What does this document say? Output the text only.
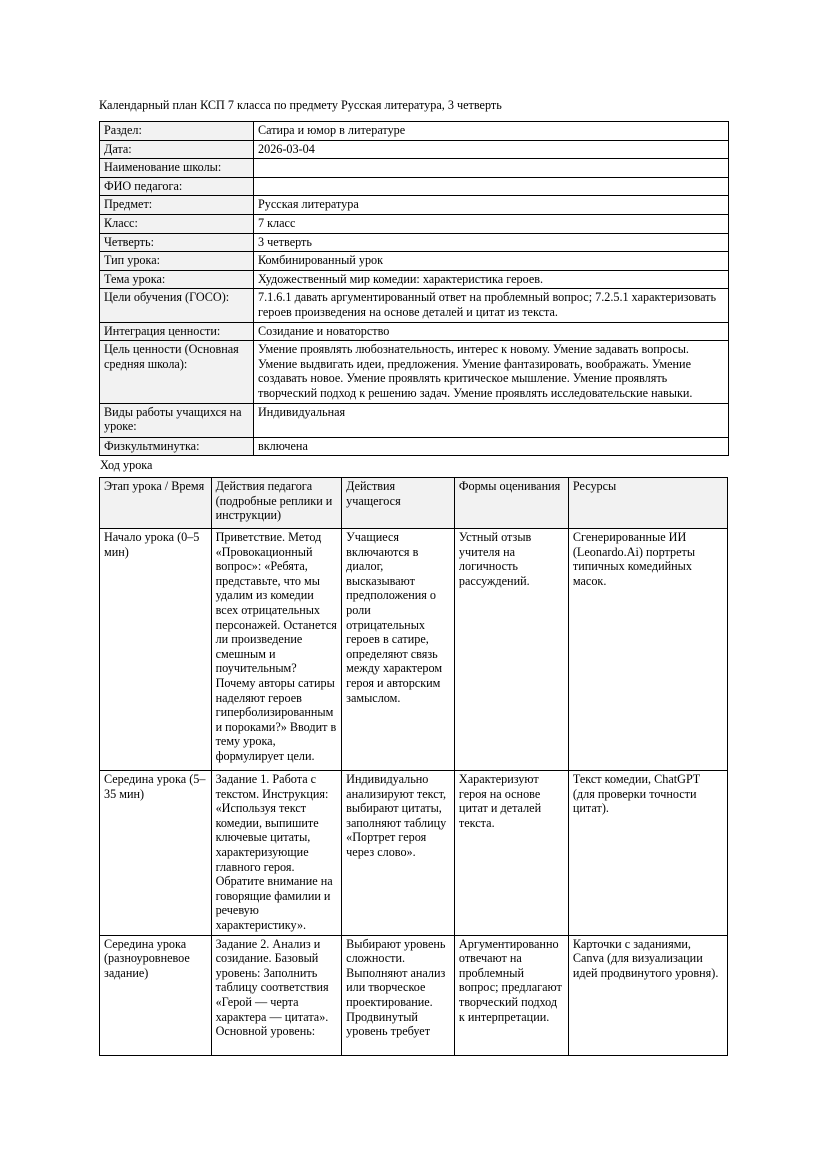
Календарный план КСП 7 класса по предмету Русская литература, 3 четверть
Раздел:	Сатира и юмор в литературе
Дата:	2026-03-04
Наименование школы:	
ФИО педагога:	
Предмет:	Русская литература
Класс:	7 класс
Четверть:	3 четверть
Тип урока:	Комбинированный урок
Тема урока:	Художественный мир комедии: характеристика героев.
Цели обучения (ГОСО):	7.1.6.1 давать аргументированный ответ на проблемный вопрос; 7.2.5.1 характеризовать героев произведения на основе деталей и цитат из текста.
Интеграция ценности:	Созидание и новаторство
Цель ценности (Основная средняя школа):	Умение проявлять любознательность, интерес к новому. Умение задавать вопросы. Умение выдвигать идеи, предложения. Умение фантазировать, воображать. Умение создавать новое. Умение проявлять критическое мышление. Умение проявлять творческий подход к решению задач. Умение проявлять исследовательские навыки.
Виды работы учащихся на уроке:	Индивидуальная
Физкультминутка:	включена
Ход урока
Этап урока / Время	Действия педагога (подробные реплики и инструкции)	Действия учащегося	Формы оценивания	Ресурсы
Начало урока (0–5 мин)	Приветствие. Метод «Провокационный вопрос»: «Ребята, представьте, что мы удалим из комедии всех отрицательных персонажей. Останется ли произведение смешным и поучительным? Почему авторы сатиры наделяют героев гиперболизированными пороками?» Вводит в тему урока, формулирует цели.	Учащиеся включаются в диалог, высказывают предположения о роли отрицательных героев в сатире, определяют связь между характером героя и авторским замыслом.	Устный отзыв учителя на логичность рассуждений.	Сгенерированные ИИ (Leonardo.Ai) портреты типичных комедийных масок.
Середина урока (5–35 мин)	Задание 1. Работа с текстом. Инструкция: «Используя текст комедии, выпишите ключевые цитаты, характеризующие главного героя. Обратите внимание на говорящие фамилии и речевую характеристику».	Индивидуально анализируют текст, выбирают цитаты, заполняют таблицу «Портрет героя через слово».	Характеризуют героя на основе цитат и деталей текста.	Текст комедии, ChatGPT (для проверки точности цитат).
Середина урока (разноуровневое задание)	Задание 2. Анализ и созидание. Базовый уровень: Заполнить таблицу соответствия «Герой — черта характера — цитата». Основной уровень:	Выбирают уровень сложности. Выполняют анализ или творческое проектирование. Продвинутый уровень требует	Аргументированно отвечают на проблемный вопрос; предлагают творческий подход к интерпретации.	Карточки с заданиями, Canva (для визуализации идей продвинутого уровня).
